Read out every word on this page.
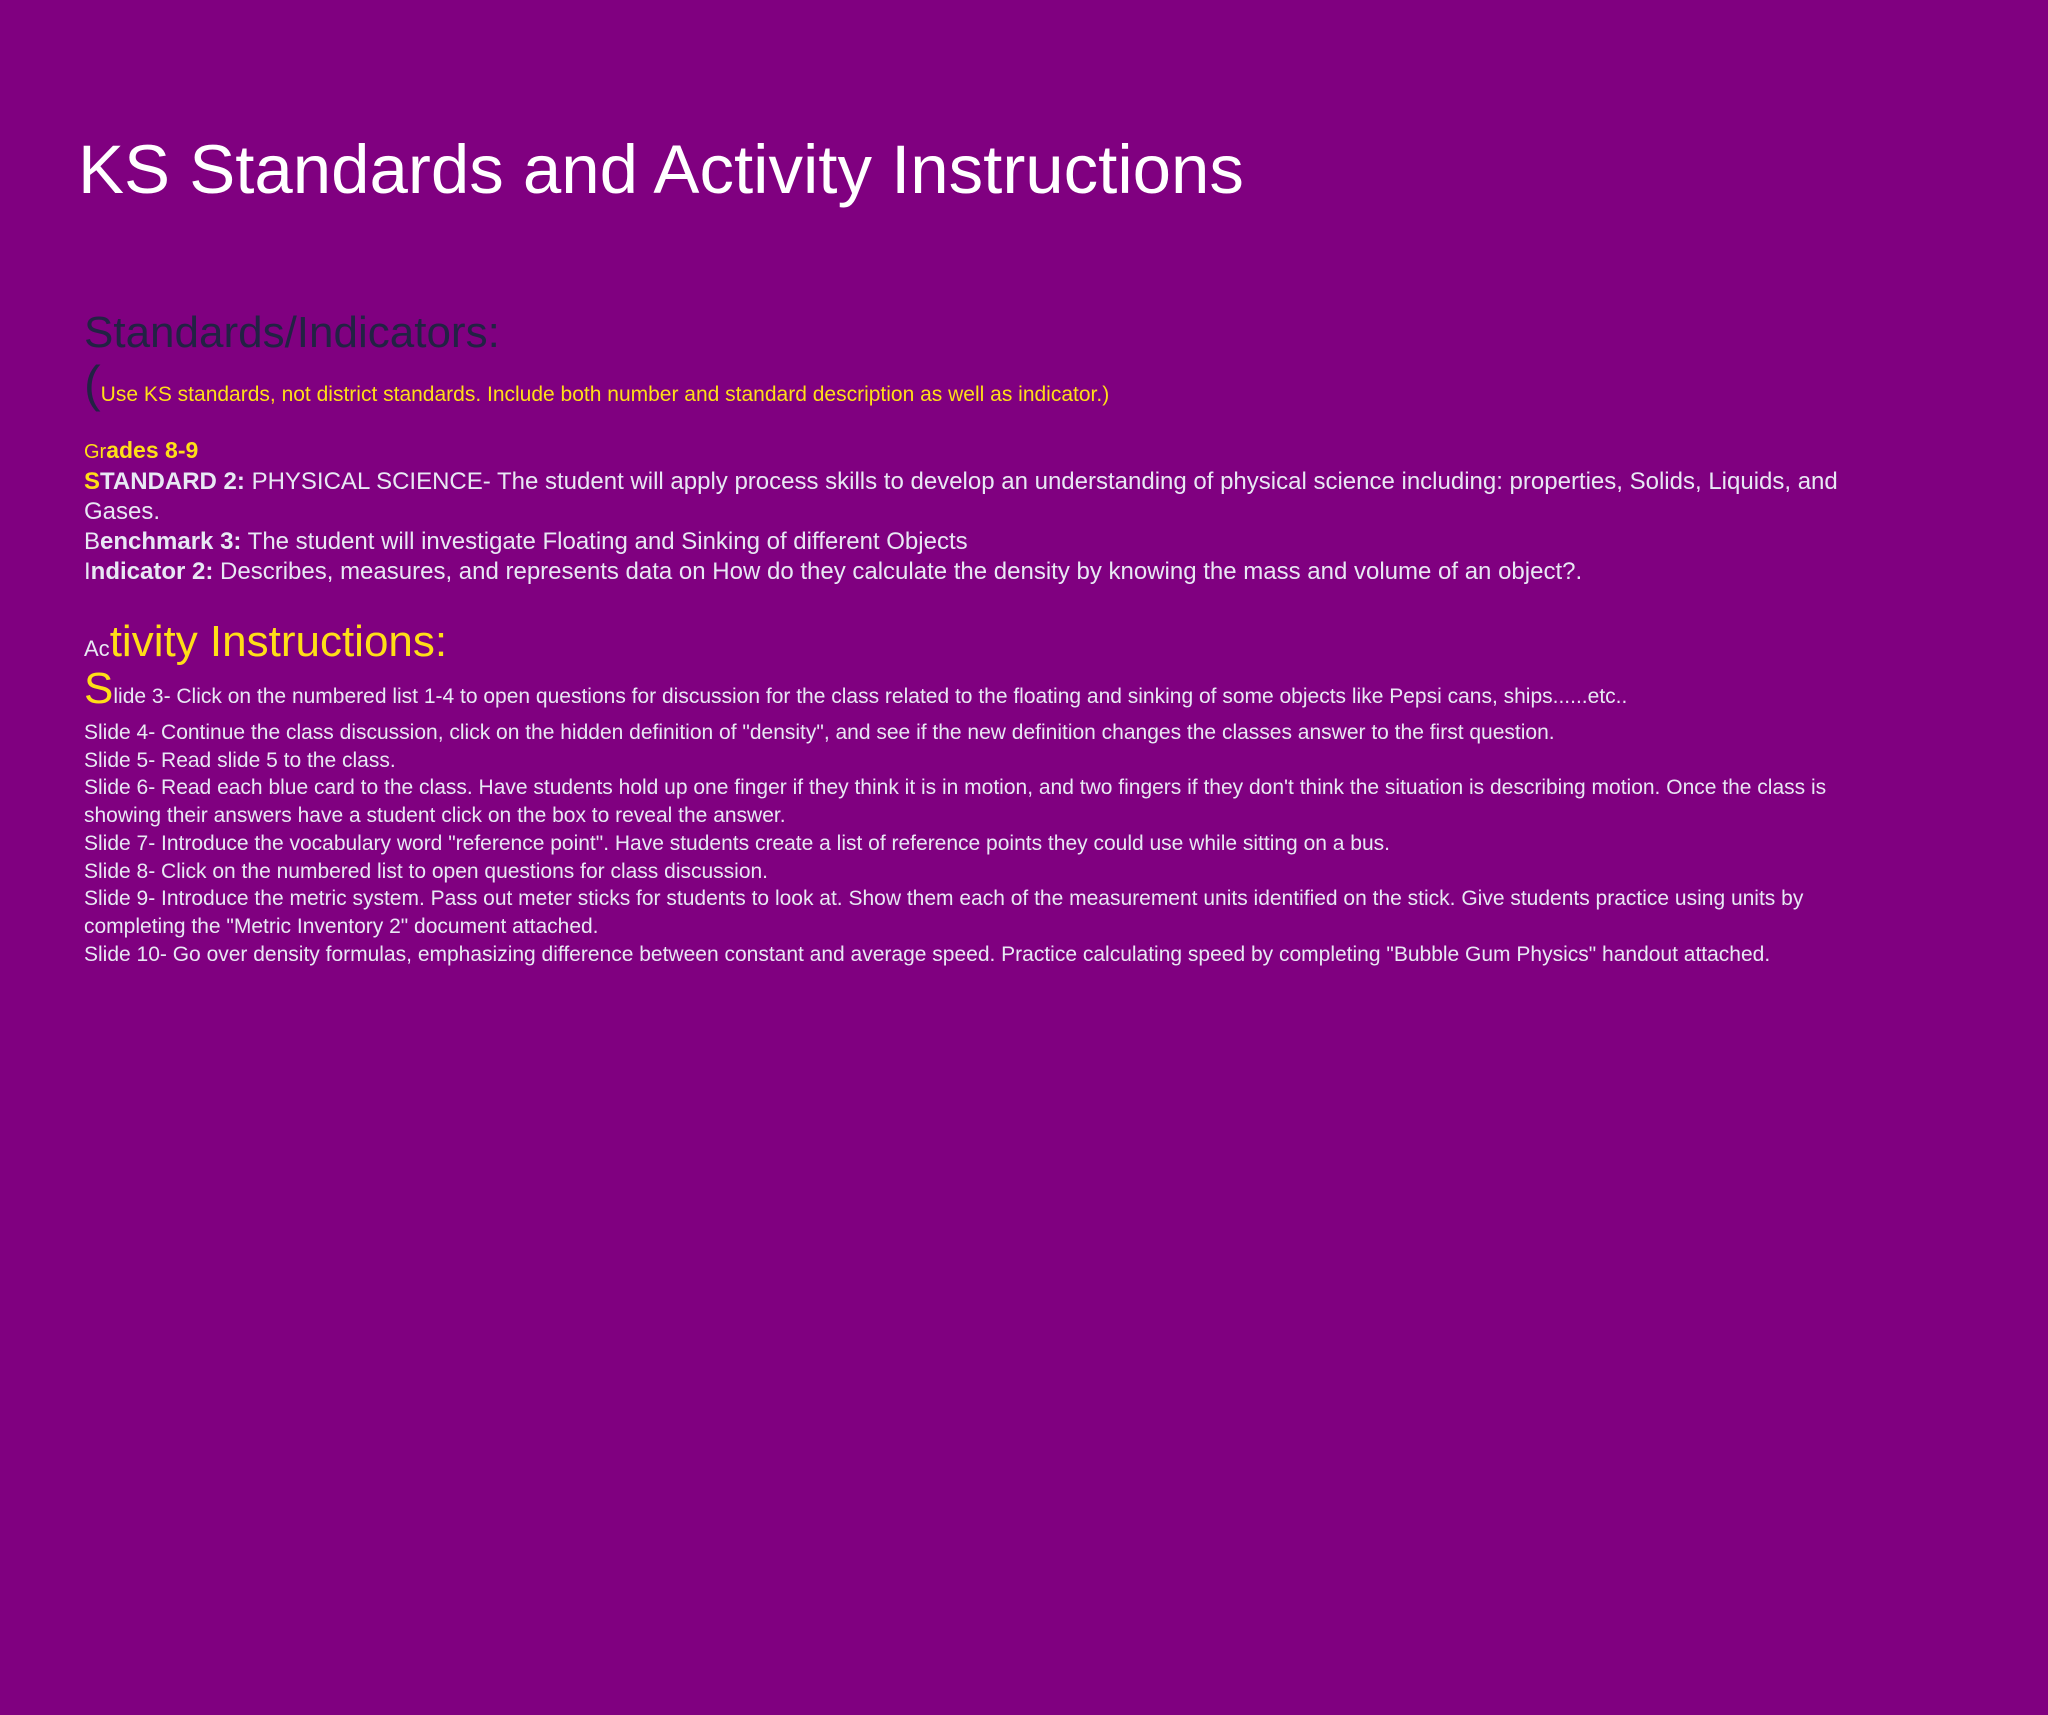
KS Standards and Activity Instructions
Standards/Indicators:
(Use KS standards, not district standards. Include both number and standard description as well as indicator.)
Grades 8-9
STANDARD 2: PHYSICAL SCIENCE- The student will apply process skills to develop an understanding of physical science including: properties, Solids, Liquids, and Gases.
Benchmark 3: The student will investigate Floating and Sinking of different Objects
Indicator 2: Describes, measures, and represents data on How do they calculate the density by knowing the mass and volume of an object?.
Activity Instructions:
Slide 3- Click on the numbered list 1-4 to open questions for discussion for the class related to the floating and sinking of some objects like Pepsi cans, ships......etc..
Slide 4- Continue the class discussion, click on the hidden definition of "density", and see if the new definition changes the classes answer to the first question.
Slide 5- Read slide 5 to the class.
Slide 6- Read each blue card to the class. Have students hold up one finger if they think it is in motion, and two fingers if they don't think the situation is describing motion. Once the class is showing their answers have a student click on the box to reveal the answer.
Slide 7- Introduce the vocabulary word "reference point". Have students create a list of reference points they could use while sitting on a bus.
Slide 8- Click on the numbered list to open questions for class discussion.
Slide 9- Introduce the metric system. Pass out meter sticks for students to look at. Show them each of the measurement units identified on the stick. Give students practice using units by completing the "Metric Inventory 2" document attached.
Slide 10- Go over density formulas, emphasizing difference between constant and average speed. Practice calculating speed by completing "Bubble Gum Physics" handout attached.
